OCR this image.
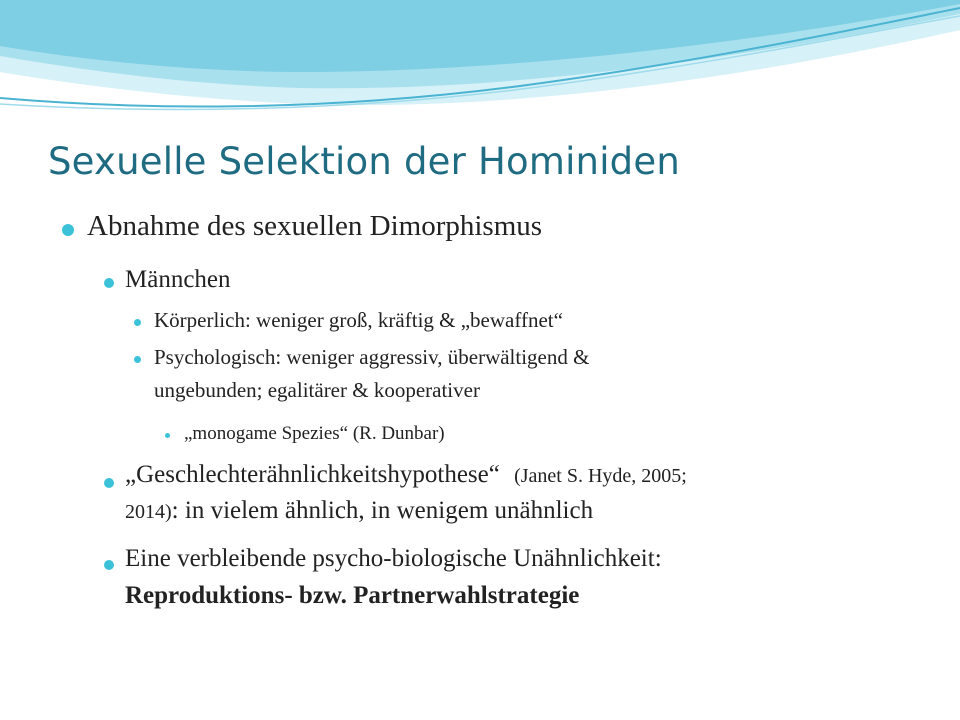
Sexuelle Selektion der Hominiden
Abnahme des sexuellen Dimorphismus
Männchen
Körperlich: weniger groß, kräftig & „bewaffnet“
Psychologisch: weniger aggressiv, überwältigend &
ungebunden; egalitärer & kooperativer
„monogame Spezies“ (R. Dunbar)
„Geschlechterähnlichkeitshypothese“ (Janet S. Hyde, 2005;
2014): in vielem ähnlich, in wenigem unähnlich
Eine verbleibende psycho-biologische Unähnlichkeit:
Reproduktions- bzw. Partnerwahlstrategie
